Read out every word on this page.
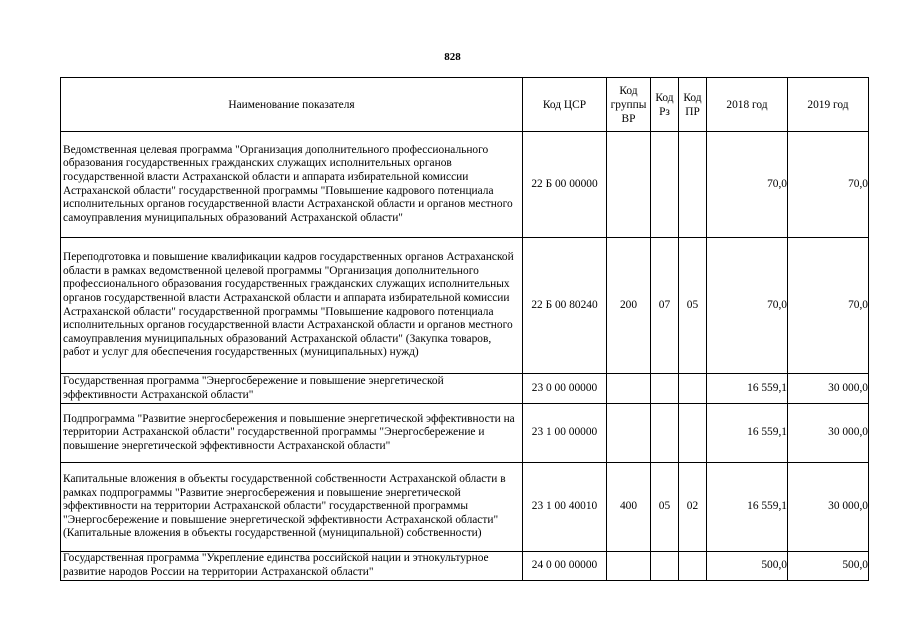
828
Наименование показателя	Код ЦСР	Код группы ВР	Код Рз	Код ПР	2018 год	2019 год
Ведомственная целевая программа "Организация дополнительного профессионального образования государственных гражданских служащих исполнительных органов государственной власти Астраханской области и аппарата избирательной комиссии Астраханской области" государственной программы "Повышение кадрового потенциала исполнительных органов государственной власти Астраханской области и органов местного самоуправления муниципальных образований Астраханской области"	22 Б 00 00000				70,0	70,0
Переподготовка и повышение квалификации кадров государственных органов Астраханской области в рамках ведомственной целевой программы "Организация дополнительного профессионального образования государственных гражданских служащих исполнительных органов государственной власти Астраханской области и аппарата избирательной комиссии Астраханской области" государственной программы "Повышение кадрового потенциала исполнительных органов государственной власти Астраханской области и органов местного самоуправления муниципальных образований Астраханской области" (Закупка товаров, работ и услуг для обеспечения государственных (муниципальных) нужд)	22 Б 00 80240	200	07	05	70,0	70,0
Государственная программа "Энергосбережение и повышение энергетической эффективности Астраханской области"	23 0 00 00000				16 559,1	30 000,0
Подпрограмма "Развитие энергосбережения и повышение энергетической эффективности на территории Астраханской области" государственной программы "Энергосбережение и повышение энергетической эффективности Астраханской области"	23 1 00 00000				16 559,1	30 000,0
Капитальные вложения в объекты государственной собственности Астраханской области в рамках подпрограммы "Развитие энергосбережения и повышение энергетической эффективности на территории Астраханской области" государственной программы "Энергосбережение и повышение энергетической эффективности Астраханской области" (Капитальные вложения в объекты государственной (муниципальной) собственности)	23 1 00 40010	400	05	02	16 559,1	30 000,0
Государственная программа "Укрепление единства российской нации и этнокультурное развитие народов России на территории Астраханской области"	24 0 00 00000				500,0	500,0
